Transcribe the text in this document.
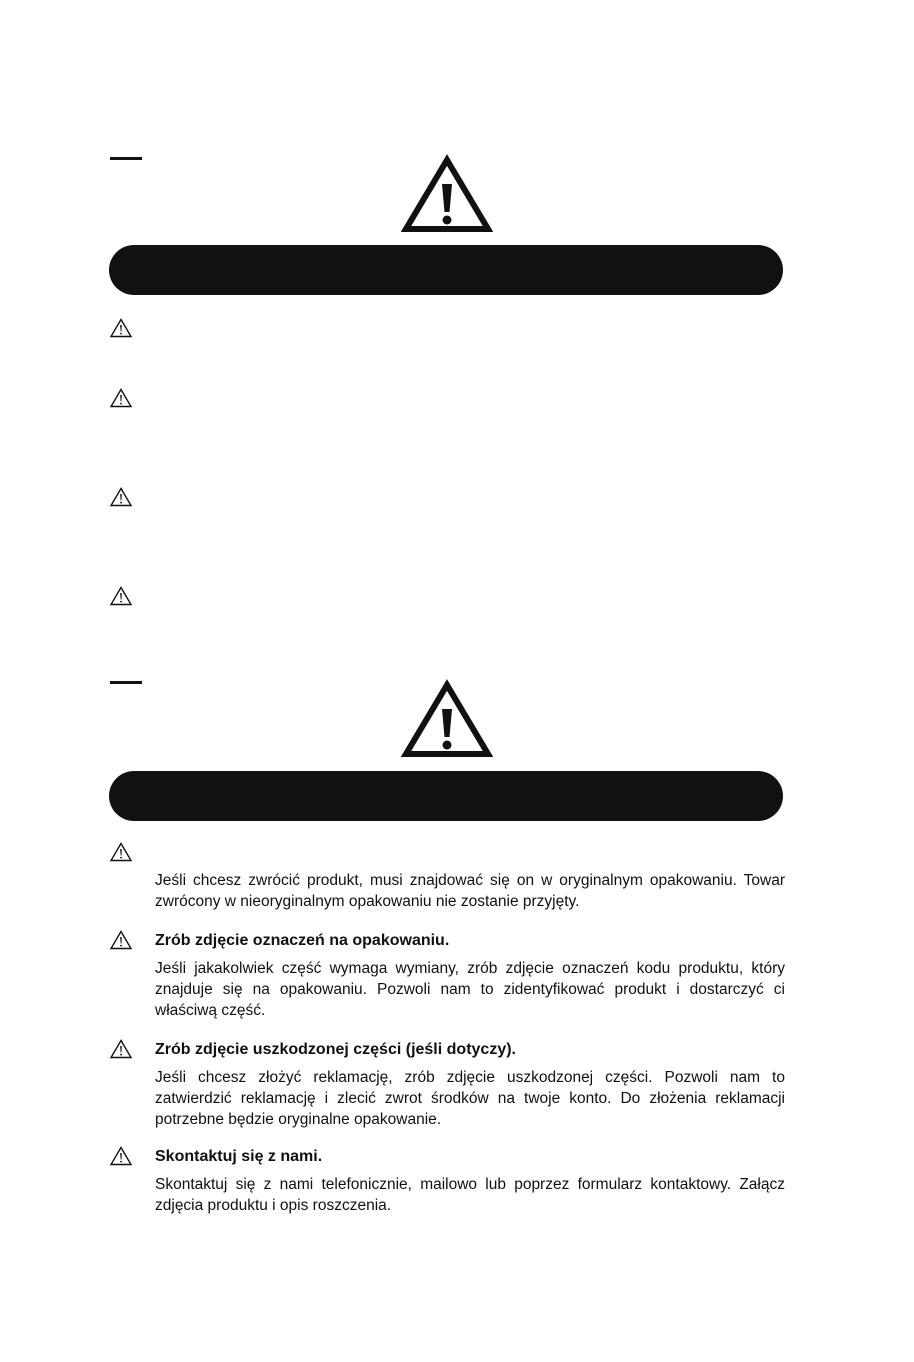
Jeśli chcesz zwrócić produkt, musi znajdować się on w oryginalnym opakowaniu. Towar zwrócony w nieoryginalnym opakowaniu nie zostanie przyjęty.
Zrób zdjęcie oznaczeń na opakowaniu.
Jeśli jakakolwiek część wymaga wymiany, zrób zdjęcie oznaczeń kodu produktu, który znajduje się na opakowaniu. Pozwoli nam to zidentyfikować produkt i dostarczyć ci właściwą część.
Zrób zdjęcie uszkodzonej części (jeśli dotyczy).
Jeśli chcesz złożyć reklamację, zrób zdjęcie uszkodzonej części. Pozwoli nam to zatwierdzić reklamację i zlecić zwrot środków na twoje konto. Do złożenia reklamacji potrzebne będzie oryginalne opakowanie.
Skontaktuj się z nami.
Skontaktuj się z nami telefonicznie, mailowo lub poprzez formularz kontaktowy. Załącz zdjęcia produktu i opis roszczenia.
